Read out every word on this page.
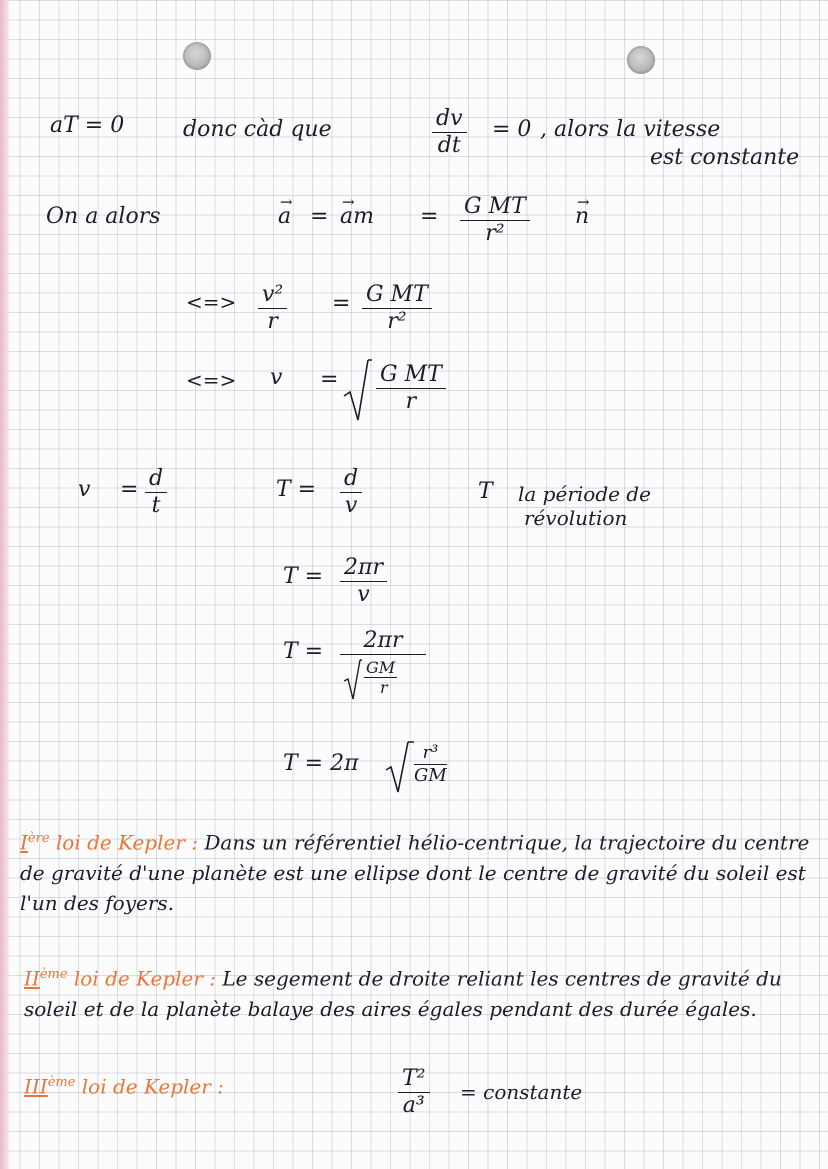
aT = 0	donc càd que	$\frac{dv}{dt} = 0$ , alors la vitesse
est constante
On a alors
→	a =
→ am = $\frac{\text{G MT}}{\text{r²}}$
→ n
<=> $\frac{\text{v²}}{r} = \frac{\text{G MT}}{\text{r²}}$
<=> $v = \frac{\text{G MT}}{r}$
$v = \frac{d}{t}$	$T = \frac{d}{v}$	T la période de
révolution
$T = \frac{2\pi r}{v}$
T = 2πr
GM
r
T = 2π	$\frac{\text{r³}}{GM}$
Ière loi de Kepler : Dans un référentiel hélio-centrique, la trajectoire du centre de gravité d'une planète est une ellipse dont le centre de gravité du soleil est l'un des foyers.
IIème loi de Kepler : Le segement de droite reliant les centres de gravité du soleil et de la planète balaye des aires égales pendant des durée égales.
IIIème loi de Kepler :	$\frac{\text{T²}}{\text{a³}}$ = constante
